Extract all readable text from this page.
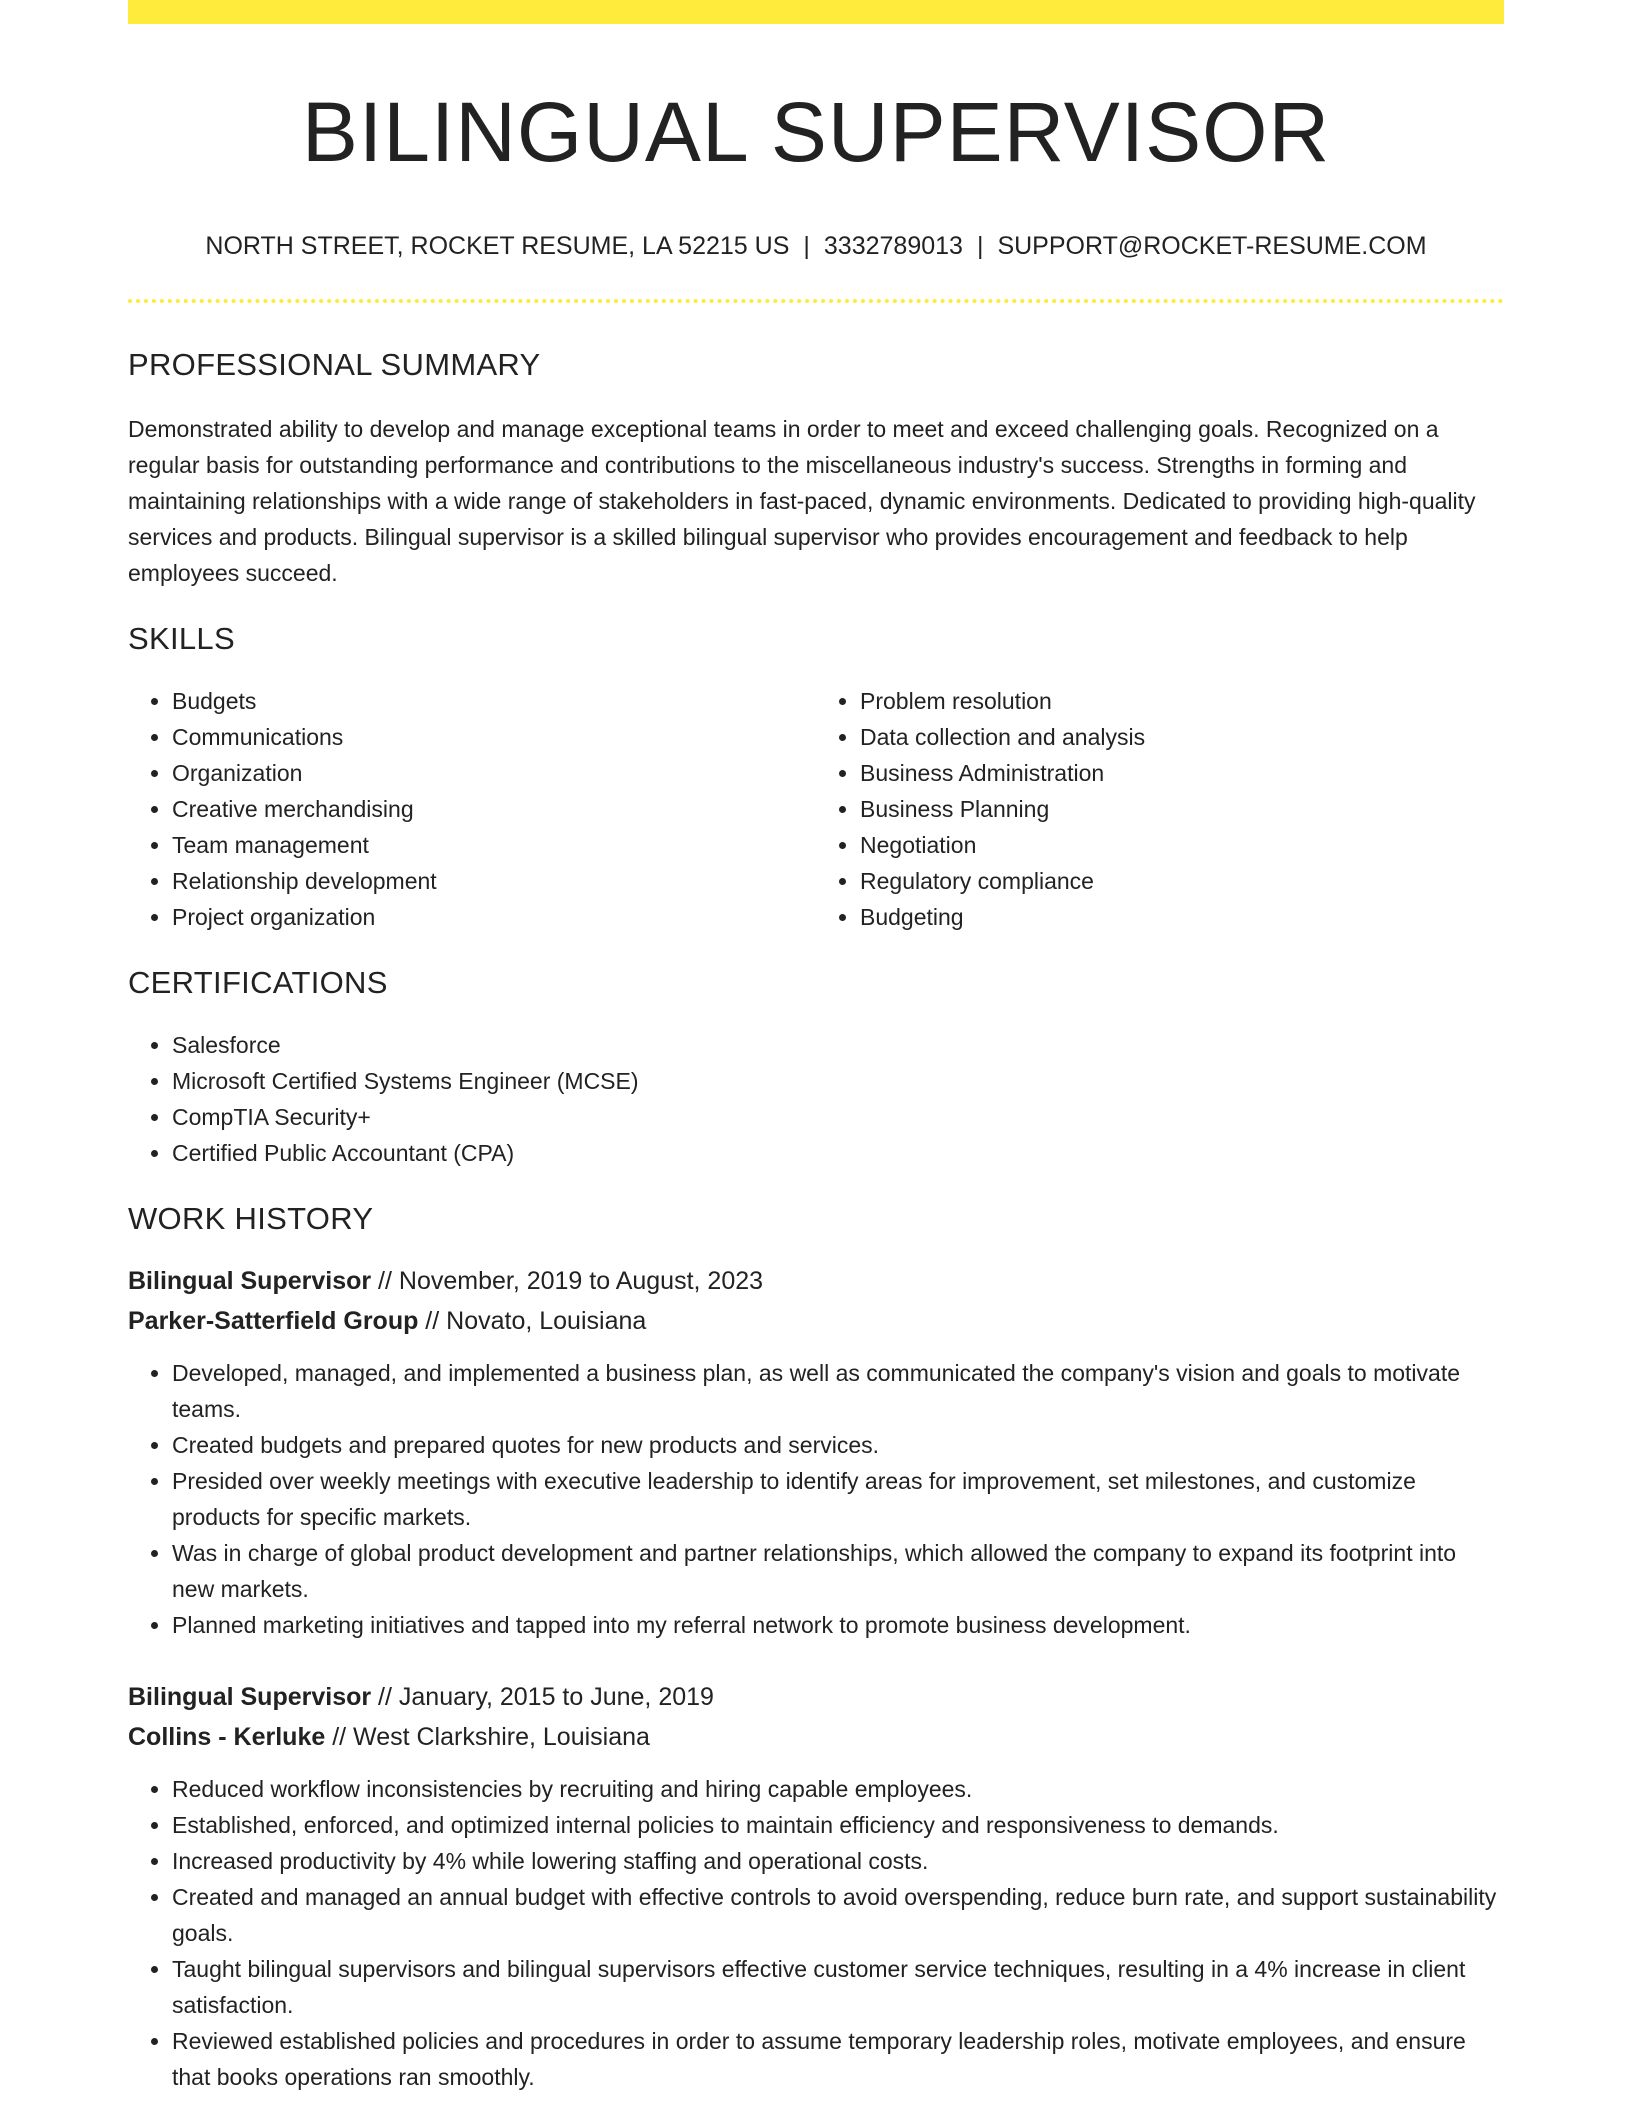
BILINGUAL SUPERVISOR
NORTH STREET, ROCKET RESUME, LA 52215 US | 3332789013 | SUPPORT@ROCKET-RESUME.COM
PROFESSIONAL SUMMARY
Demonstrated ability to develop and manage exceptional teams in order to meet and exceed challenging goals. Recognized on a regular basis for outstanding performance and contributions to the miscellaneous industry's success. Strengths in forming and maintaining relationships with a wide range of stakeholders in fast-paced, dynamic environments. Dedicated to providing high-quality services and products. Bilingual supervisor is a skilled bilingual supervisor who provides encouragement and feedback to help employees succeed.
SKILLS
• Budgets
• Communications
• Organization
• Creative merchandising
• Team management
• Relationship development
• Project organization
• Problem resolution
• Data collection and analysis
• Business Administration
• Business Planning
• Negotiation
• Regulatory compliance
• Budgeting
CERTIFICATIONS
• Salesforce
• Microsoft Certified Systems Engineer (MCSE)
• CompTIA Security+
• Certified Public Accountant (CPA)
WORK HISTORY
Bilingual Supervisor // November, 2019 to August, 2023
Parker-Satterfield Group // Novato, Louisiana
• Developed, managed, and implemented a business plan, as well as communicated the company's vision and goals to motivate teams.
• Created budgets and prepared quotes for new products and services.
• Presided over weekly meetings with executive leadership to identify areas for improvement, set milestones, and customize products for specific markets.
• Was in charge of global product development and partner relationships, which allowed the company to expand its footprint into new markets.
• Planned marketing initiatives and tapped into my referral network to promote business development.
Bilingual Supervisor // January, 2015 to June, 2019
Collins - Kerluke // West Clarkshire, Louisiana
• Reduced workflow inconsistencies by recruiting and hiring capable employees.
• Established, enforced, and optimized internal policies to maintain efficiency and responsiveness to demands.
• Increased productivity by 4% while lowering staffing and operational costs.
• Created and managed an annual budget with effective controls to avoid overspending, reduce burn rate, and support sustainability goals.
• Taught bilingual supervisors and bilingual supervisors effective customer service techniques, resulting in a 4% increase in client satisfaction.
• Reviewed established policies and procedures in order to assume temporary leadership roles, motivate employees, and ensure that books operations ran smoothly.
